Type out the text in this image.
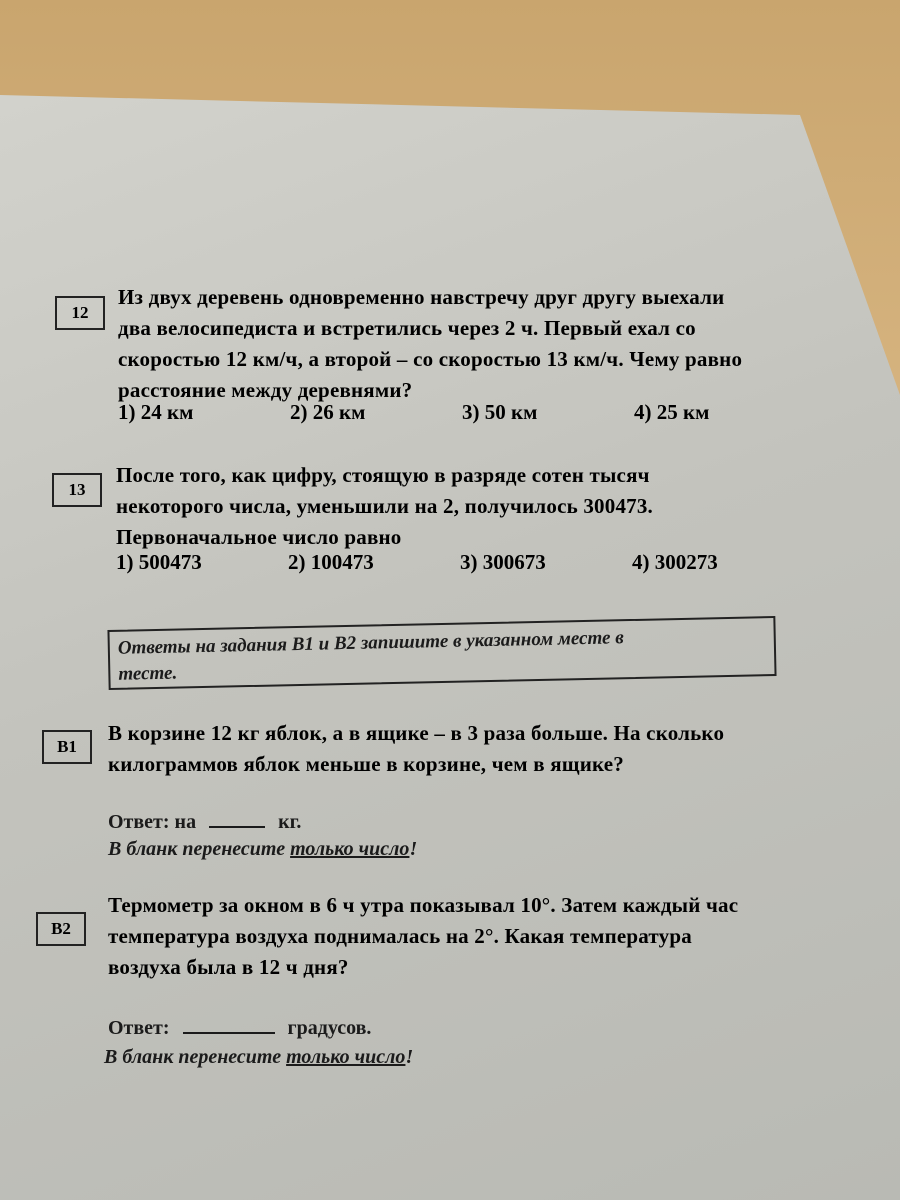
12
Из двух деревень одновременно навстречу друг другу выехали
два велосипедиста и встретились через 2 ч. Первый ехал со
скоростью 12 км/ч, а второй – со скоростью 13 км/ч. Чему равно
расстояние между деревнями?
1) 24 км	2) 26 км	3) 50 км	4) 25 км
13
После того, как цифру, стоящую в разряде сотен тысяч
некоторого числа, уменьшили на 2, получилось 300473.
Первоначальное число равно
1) 500473	2) 100473	3) 300673	4) 300273
Ответы на задания В1 и В2 запишите в указанном месте в
тесте.
В1
В корзине 12 кг яблок, а в ящике – в 3 раза больше. На сколько
килограммов яблок меньше в корзине, чем в ящике?
Ответ: на	кг.
В бланк перенесите только число!
В2
Термометр за окном в 6 ч утра показывал 10°. Затем каждый час
температура воздуха поднималась на 2°. Какая температура
воздуха была в 12 ч дня?
Ответ:	градусов.
В бланк перенесите только число!
